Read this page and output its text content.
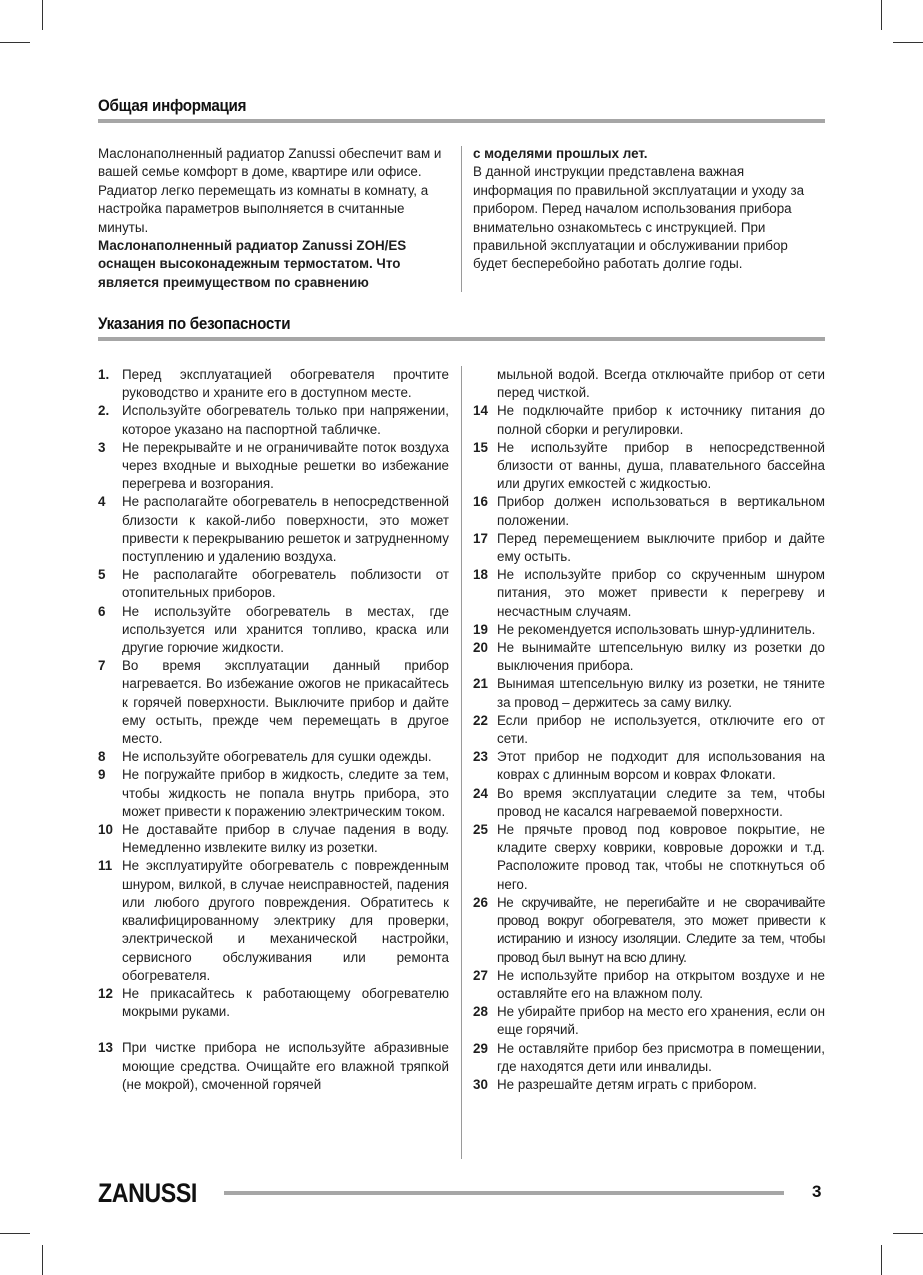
Общая информация

Маслонаполненный радиатор Zanussi обеспечит вам и вашей семье комфорт в доме, квартире или офисе. Радиатор легко перемещать из комнаты в комнату, а настройка параметров выполняется в считанные минуты.

Маслонаполненный радиатор Zanussi ZOH/ES оснащен высоконадежным термостатом. Что является преимуществом по сравнению

с моделями прошлых лет.

В данной инструкции представлена важная информация по правильной эксплуатации и уходу за прибором. Перед началом использования прибора внимательно ознакомьтесь с инструкцией. При правильной эксплуатации и обслуживании прибор будет бесперебойно работать долгие годы.

Указания по безопасности
1. Перед эксплуатацией обогревателя прочтите руководство и храните его в доступном месте.
2. Используйте обогреватель только при напряжении, которое указано на паспортной табличке.
3 Не перекрывайте и не ограничивайте поток воздуха через входные и выходные решетки во избежание перегрева и возгорания.
4 Не располагайте обогреватель в непосредственной близости к какой-либо поверхности, это может привести к перекрыванию решеток и затрудненному поступлению и удалению воздуха.
5 Не располагайте обогреватель поблизости от отопительных приборов.
6 Не используйте обогреватель в местах, где используется или хранится топливо, краска или другие горючие жидкости.
7 Во время эксплуатации данный прибор нагревается. Во избежание ожогов не прикасайтесь к горячей поверхности. Выключите прибор и дайте ему остыть, прежде чем перемещать в другое место.
8 Не используйте обогреватель для сушки одежды.
9 Не погружайте прибор в жидкость, следите за тем, чтобы жидкость не попала внутрь прибора, это может привести к поражению электрическим током.
10 Не доставайте прибор в случае падения в воду. Немедленно извлеките вилку из розетки.
11 Не эксплуатируйте обогреватель с поврежденным шнуром, вилкой, в случае неисправностей, падения или любого другого повреждения. Обратитесь к квалифицированному электрику для проверки, электрической и механической настройки, сервисного обслуживания или ремонта обогревателя.
12 Не прикасайтесь к работающему обогревателю мокрыми руками.
13 При чистке прибора не используйте абразивные моющие средства. Очищайте его влажной тряпкой (не мокрой), смоченной горячей
мыльной водой. Всегда отключайте прибор от сети перед чисткой.
14 Не подключайте прибор к источнику питания до полной сборки и регулировки.
15 Не используйте прибор в непосредственной близости от ванны, душа, плавательного бассейна или других емкостей с жидкостью.
16 Прибор должен использоваться в вертикальном положении.
17 Перед перемещением выключите прибор и дайте ему остыть.
18 Не используйте прибор со скрученным шнуром питания, это может привести к перегреву и несчастным случаям.
19 Не рекомендуется использовать шнур-удлинитель.
20 Не вынимайте штепсельную вилку из розетки до выключения прибора.
21 Вынимая штепсельную вилку из розетки, не тяните за провод – держитесь за саму вилку.
22 Если прибор не используется, отключите его от сети.
23 Этот прибор не подходит для использования на коврах с длинным ворсом и коврах Флокати.
24 Во время эксплуатации следите за тем, чтобы провод не касался нагреваемой поверхности.
25 Не прячьте провод под ковровое покрытие, не кладите сверху коврики, ковровые дорожки и т.д. Расположите провод так, чтобы не споткнуться об него.
26 Не скручивайте, не перегибайте и не сворачивайте провод вокруг обогревателя, это может привести к истиранию и износу изоляции. Следите за тем, чтобы провод был вынут на всю длину.
27 Не используйте прибор на открытом воздухе и не оставляйте его на влажном полу.
28 Не убирайте прибор на место его хранения, если он еще горячий.
29 Не оставляйте прибор без присмотра в помещении, где находятся дети или инвалиды.
30 Не разрешайте детям играть с прибором.
ZANUSSI	3
